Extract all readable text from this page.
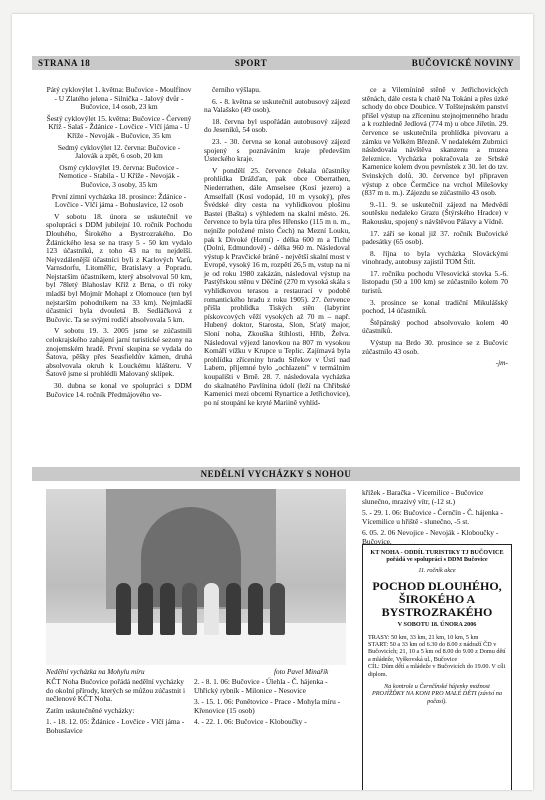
STRANA 18	SPORT	BUČOVICKÉ NOVINY

Pátý cyklovýlet 1. května: Bučovice - Moulfínov - U Zlatého jelena - Silnička - Jalový dvůr - Bučovice, 14 osob, 23 km

Šestý cyklovýlet 15. května: Bučovice - Červený Kříž - Salaš - Ždánice - Lovčice - Vlčí jáma - U Kříže - Nevoják - Bučovice, 35 km

Sedmý cyklovýlet 12. června: Bučovice - Jalovák a zpět, 6 osob, 20 km

Osmý cyklovýlet 19. června: Bučovice - Nemotice - Stabila - U Kříže - Nevoják - Bučovice, 3 osoby, 35 km

První zimní vycházka 18. prosince: Ždánice - Lovčice - Vlčí jáma - Bohuslavice, 12 osob

V sobotu 18. února se uskutečnil ve spolupráci s DDM jubilejní 10. ročník Pochodu Dlouhého, Širokého a Bystrozrakého. Do Ždánického lesa se na trasy 5 - 50 km vydalo 123 účastníků, z toho 43 na tu nejdelší. Nejvzdálenější účastníci byli z Karlových Varů, Varnsdorfu, Litoměřic, Bratislavy a Popradu. Nejstarším účastníkem, který absolvoval 50 km, byl 78letý Blahoslav Kříž z Brna, o tři roky mladší byl Mojmír Mohapl z Olomouce (ten byl nejstarším pohodníkem na 33 km). Nejmladší účastnicí byla dvouletá B. Sedláčková z Bučovic. Ta se svými rodiči absolvovala 5 km.

V sobotu 19. 3. 2005 jsme se zúčastnili celokrajského zahájení jarní turistické sezony na znojemském hradě. První skupina se vydala do Šatova, pěšky přes Seasfieldův kámen, druhá absolvovala okruh k Louckému klášteru. V Šatově jsme si prohlédli Malovaný sklípek.

30. dubna se konal ve spolupráci s DDM Bučovice 14. ročník Předmájového ve-

černího výšlapu.

6. - 8. května se uskutečnil autobusový zájezd na Valašsko (49 osob).

18. června byl uspořádán autobusový zájezd do Jeseníků, 54 osob.

23. - 30. června se konal autobusový zájezd spojený s poznáváním kraje především Ústeckého kraje.

V pondělí 25. července čekala účastníky prohlídka Drážďan, pak obce Oberrathen, Niederrathen, dále Amselsee (Kosí jezero) a Amselfall (Kosí vodopád, 10 m vysoký), přes Švédské díry cesta na vyhlídkovou plošinu Bastei (Bašta) s výhledem na skalní město. 26. července to byla túra přes Hřensko (115 m n. m., nejníže položené místo Čech) na Mezní Louku, pak k Divoké (Horní) - délka 600 m a Tiché (Dolní, Edmundově) - délka 960 m. Následoval výstup k Pravčické bráně - největší skalní most v Evropě, vysoký 16 m, rozpětí 26,5 m, vstup na ni je od roku 1980 zakázán, následoval výstup na Pastýřskou stěnu v Děčíně (270 m vysoká skála s vyhlídkovou terasou a restaurací v podobě romantického hradu z roku 1905). 27. července přišla prohlídka Tiských stěn (labyrint pískovcových věží vysokých až 70 m – např. Hubený doktor, Starosta, Slon, Sťatý major, Sloní noha, Zkouška štíhlosti, Hřib, Želva. Následoval výjezd lanovkou na 807 m vysokou Komáří vížku v Krupce u Teplic. Zajímavá byla prohlídka zříceniny hradu Střekov v Ústí nad Labem, přijemné bylo „ochlazení" v termálním koupališti v Brně. 28. 7. následovala vycházka do skalnatého Pavlínina údolí (leží na Chřibské Kamenici mezi obcemi Rynartice a Jetřichovice), po ní stoupání ke kryté Mariině vyhlíd-

ce a Vilemíníně stěně v Jetřichovických stěnách, dále cesta k chatě Na Tokáni a přes úzké schody do obce Doubice. V Tolštejnském panství přišel výstup na zříceninu stejnojmenného hradu a k rozhledně Jedlová (774 m) u obce Jiřetín. 29. července se uskutečnila prohlídka pivovaru a zámku ve Velkém Březně. V nedalekém Zubrnici následovala návštěva skanzenu a muzea železnice. Vycházka pokračovala ze Srbské Kamenice kolem dvou pevnůstek z 30. let do tzv. Svinských dolů. 30. července byl připraven výstup z obce Čermčice na vrchol Milešovky (837 m n. m.). Zájezdu se zúčastnilo 43 osob.

9.-11. 9. se uskutečnil zájezd na Medvědí soutěsku nedaleko Grazu (Štýrského Hradce) v Rakousku, spojený s návštěvou Pálavy a Vídně.

17. září se konal již 37. ročník Bučovické padesátky (65 osob).

8. října to byla vycházka Slováckými vinohrady, autobusy zajistil TOM Štít.

17. ročníku pochodu Vřesovická stovka 5.-6. listopadu (50 a 100 km) se zúčastnilo kolem 70 turistů.

3. prosince se konal tradiční Mikulášský pochod, 14 účastníků.

Štěpánský pochod absolvovalo kolem 40 účastníků.

Výstup na Brdo 30. prosince se z Bučovic zúčastnilo 43 osob.

-jm-

NEDĚLNÍ VYCHÁZKY S NOHOU
Nedělní vycházka na Mohylu míru	foto Pavel Minařík

KČT Noha Bučovice pořádá nedělní vycházky do okolní přírody, kterých se můžou zúčastnit i nečlenové KČT Noha.

Zatím uskutečněné vycházky:

1. - 18. 12. 05: Ždánice - Lovčice - Vlčí jáma - Bohuslavice

2. - 8. 1. 06: Bučovice - Úlehla - Č. hájenka - Uhřický rybník - Milonice - Nesovice

3. - 15. 1. 06: Ponětovice - Prace - Mohyla míru - Křenovice (15 osob)

4. - 22. 1. 06: Bučovice - Kloboučky -

křížek - Baračka - Vícemilice - Bučovice slunečno, mrazivý vítr, (-12 st.)

5. - 29. 1. 06: Bučovice - Černčín - Č. hájenka - Vícemilice u hřiště - slunečno, -5 st.

6. 05. 2. 06 Nevojice - Nevoják - Kloboučky - Bučovice.

KT NOHA - ODDÍL TURISTIKY TJ BUČOVICE pořádá ve spolupráci s DDM Bučovice
11. ročník akce
POCHOD DLOUHÉHO, ŠIROKÉHO A BYSTROZRAKÉHO
V SOBOTU 18. ÚNORA 2006
TRASY: 50 km, 33 km, 21 km, 10 km, 5 km
START: 50 a 33 km od 6.30 do 8.00 z nádraží ČD v Bučovicích; 21, 10 a 5 km od 8.00 do 9.00 z Domu dětí a mládeže, Vyškovská ul., Bučovice
CÍL: Dům dětí a mládeže v Bučovicích do 19.00. V cíli diplom.
Na kontrole u Černčínské hájenky možnost PROJÍŽĎKY NA KONI PRO MALÉ DĚTI (závisí na počasí).
